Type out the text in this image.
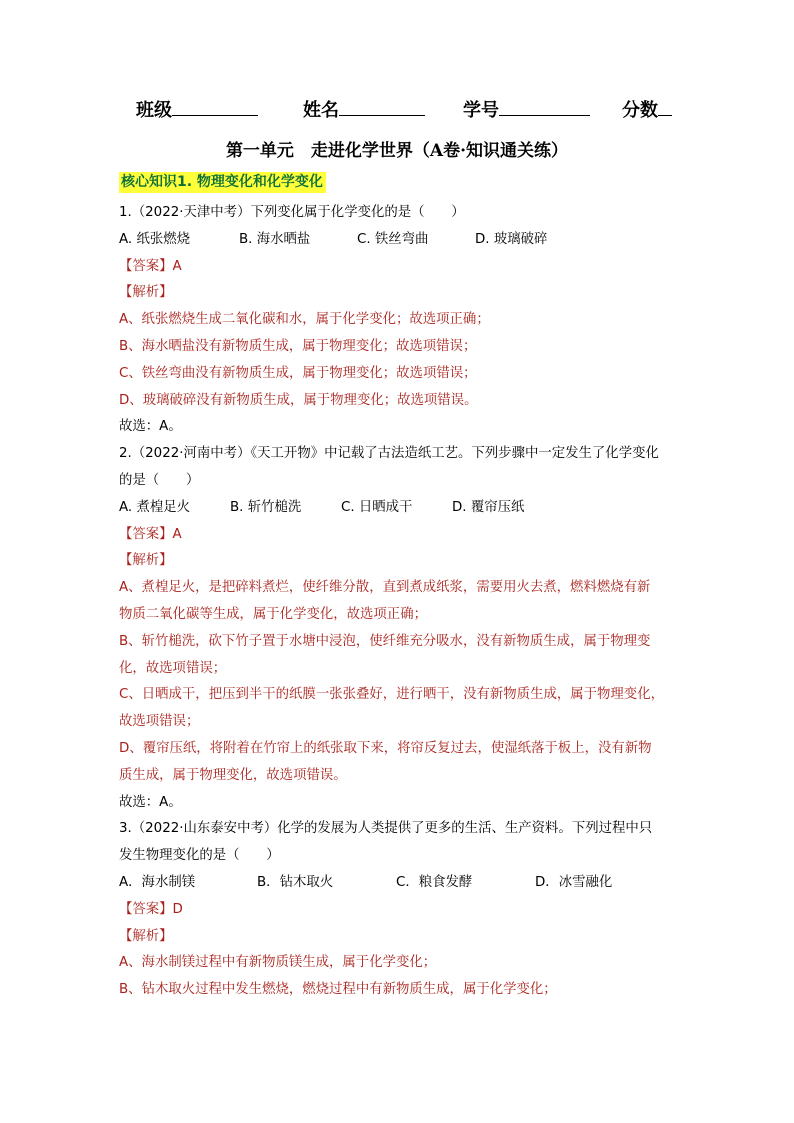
班级	姓名	学号	分数
第一单元　走进化学世界（A卷·知识通关练）
核心知识1. 物理变化和化学变化
1.（2022·天津中考）下列变化属于化学变化的是（　　）
A. 纸张燃烧	B. 海水晒盐	C. 铁丝弯曲	D. 玻璃破碎
【答案】A
【解析】
A、纸张燃烧生成二氧化碳和水，属于化学变化；故选项正确；
B、海水晒盐没有新物质生成，属于物理变化；故选项错误；
C、铁丝弯曲没有新物质生成，属于物理变化；故选项错误；
D、玻璃破碎没有新物质生成，属于物理变化；故选项错误。
故选：A。
2.（2022·河南中考）《天工开物》中记载了古法造纸工艺。下列步骤中一定发生了化学变化
的是（　　）
A. 煮楻足火	B. 斩竹槌洗	C. 日晒成干	D. 覆帘压纸
【答案】A
【解析】
A、煮楻足火，是把碎料煮烂，使纤维分散，直到煮成纸浆，需要用火去煮，燃料燃烧有新
物质二氧化碳等生成，属于化学变化，故选项正确；
B、斩竹槌洗，砍下竹子置于水塘中浸泡，使纤维充分吸水，没有新物质生成，属于物理变
化，故选项错误；
C、日晒成干，把压到半干的纸膜一张张叠好，进行晒干，没有新物质生成，属于物理变化，
故选项错误；
D、覆帘压纸，将附着在竹帘上的纸张取下来，将帘反复过去，使湿纸落于板上，没有新物
质生成，属于物理变化，故选项错误。
故选：A。
3.（2022·山东泰安中考）化学的发展为人类提供了更多的生活、生产资料。下列过程中只
发生物理变化的是（　　）
A．海水制镁	B．钻木取火	C．粮食发酵	D．冰雪融化
【答案】D
【解析】
A、海水制镁过程中有新物质镁生成，属于化学变化；
B、钻木取火过程中发生燃烧，燃烧过程中有新物质生成，属于化学变化；
